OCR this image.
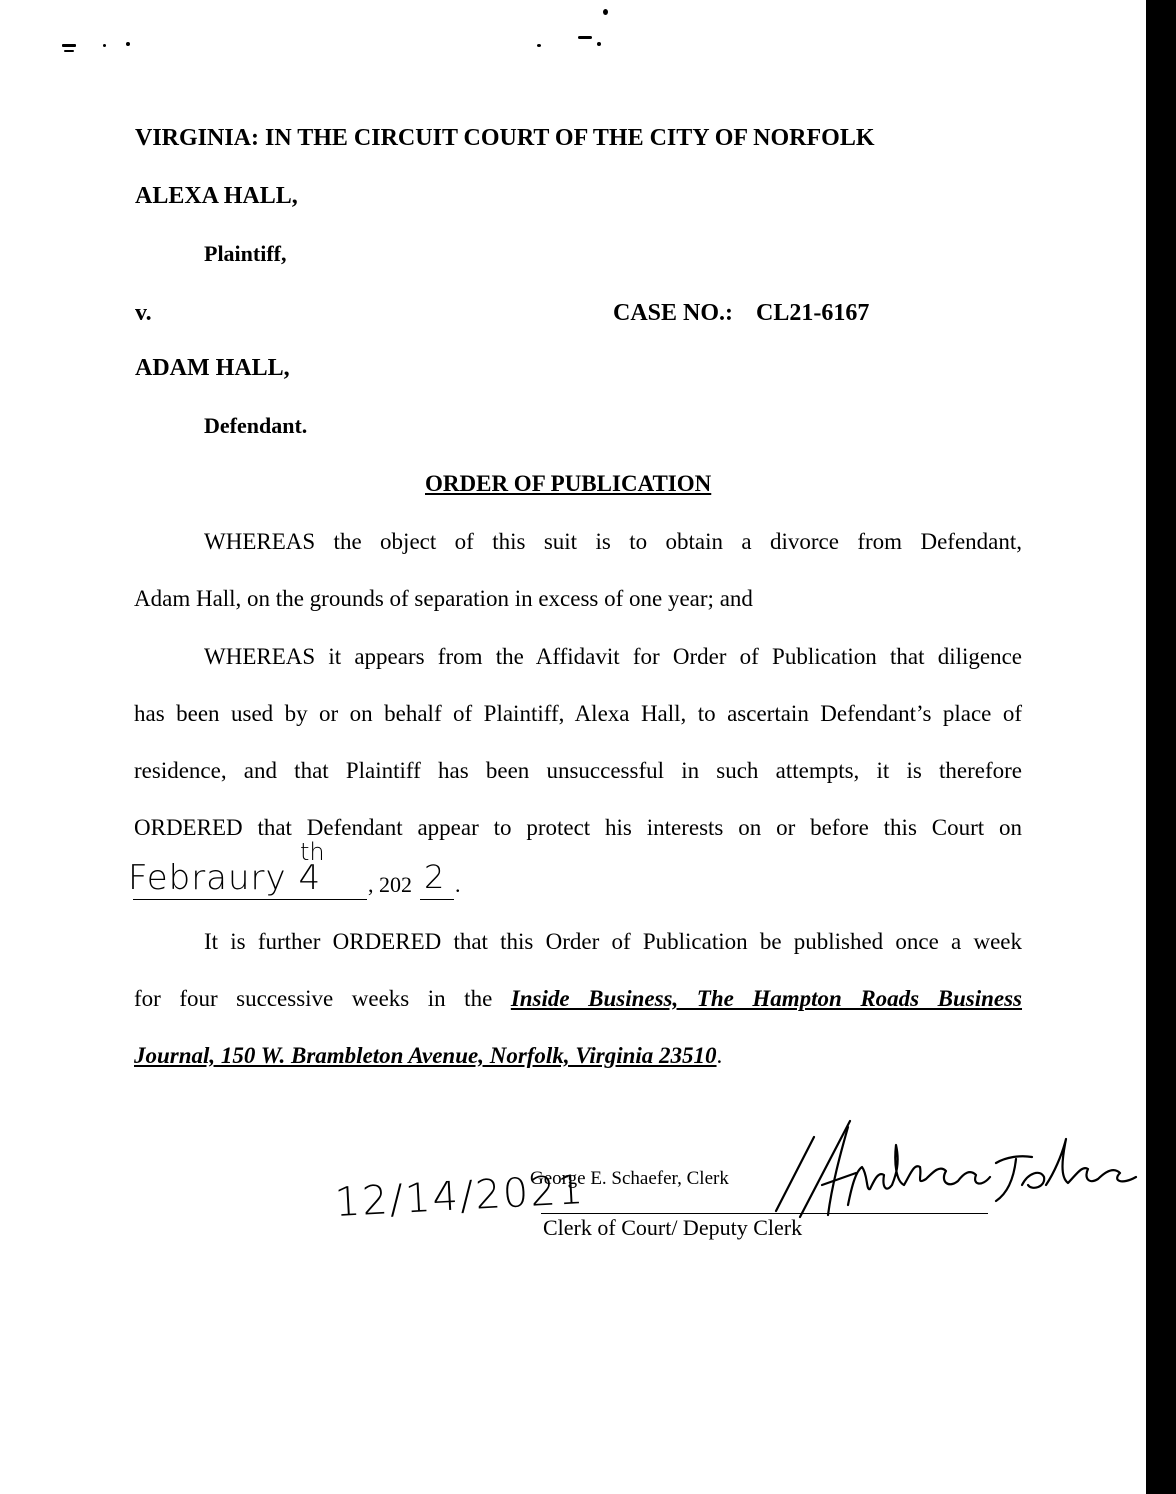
VIRGINIA: IN THE CIRCUIT COURT OF THE CITY OF NORFOLK
ALEXA HALL,
Plaintiff,
v.	CASE NO.: CL21-6167
ADAM HALL,
Defendant.
ORDER OF PUBLICATION
WHEREAS the object of this suit is to obtain a divorce from Defendant,
Adam Hall, on the grounds of separation in excess of one year; and
WHEREAS it appears from the Affidavit for Order of Publication that diligence
has been used by or on behalf of Plaintiff, Alexa Hall, to ascertain Defendant’s place of
residence, and that Plaintiff has been unsuccessful in such attempts, it is therefore
ORDERED that Defendant appear to protect his interests on or before this Court on
Febraury 4
th
, 202 2 .
It is further ORDERED that this Order of Publication be published once a week
for four successive weeks in the Inside Business, The Hampton Roads Business
Journal, 150 W. Brambleton Avenue, Norfolk, Virginia 23510.
12/14/2021
George E. Schaefer, Clerk
Clerk of Court/ Deputy Clerk
